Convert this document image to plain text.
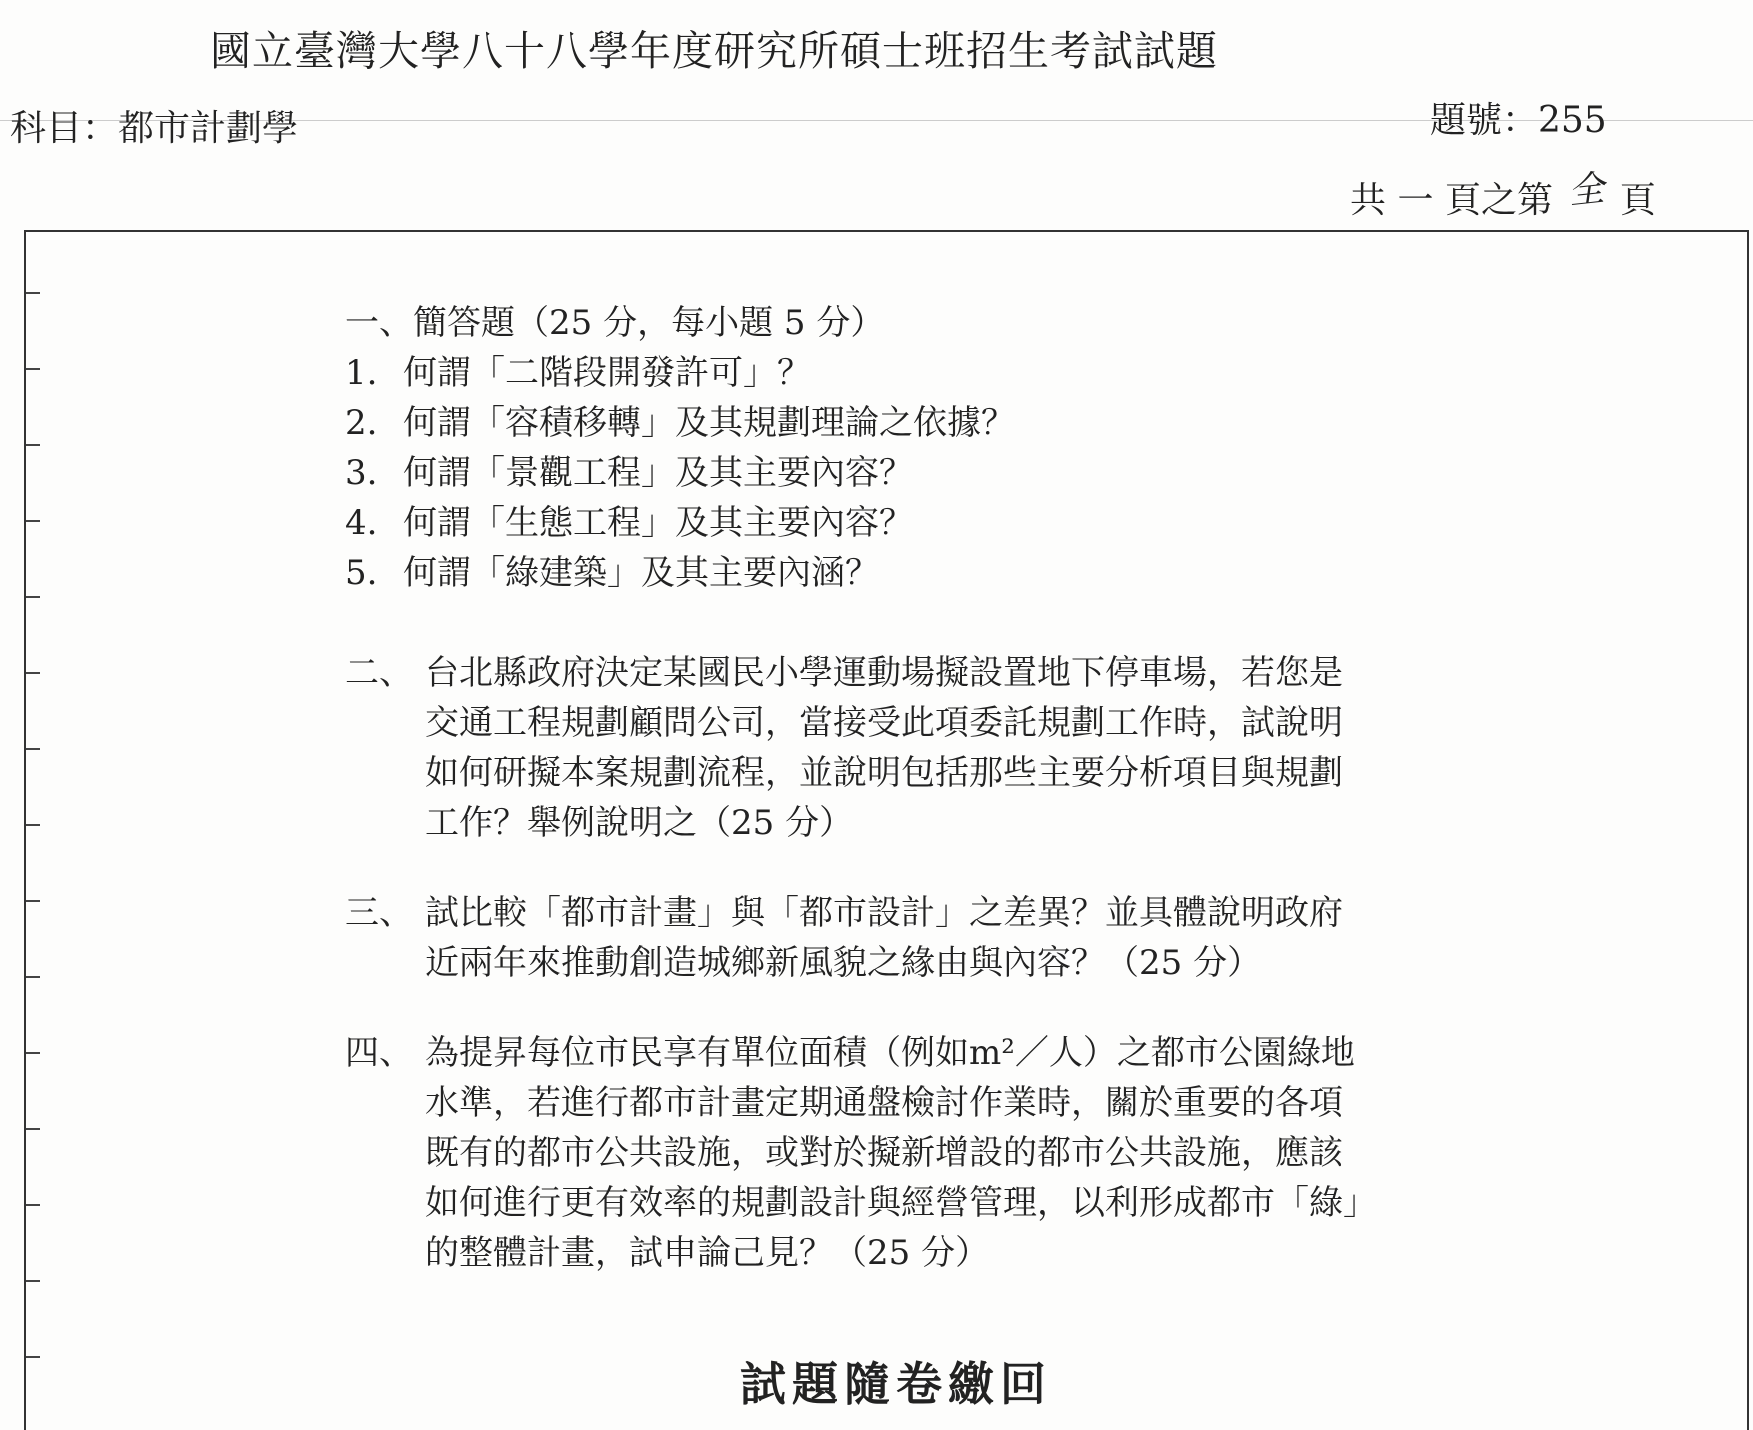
國立臺灣大學八十八學年度研究所碩士班招生考試試題
科目：都市計劃學	題號：255
共 一 頁之第 全 頁

一、簡答題（25 分，每小題 5 分）

1. 何謂「二階段開發許可」？

2. 何謂「容積移轉」及其規劃理論之依據？

3. 何謂「景觀工程」及其主要內容？

4. 何謂「生態工程」及其主要內容？

5. 何謂「綠建築」及其主要內涵？

二、 台北縣政府決定某國民小學運動場擬設置地下停車場，若您是
交通工程規劃顧問公司，當接受此項委託規劃工作時，試說明
如何研擬本案規劃流程，並說明包括那些主要分析項目與規劃
工作？舉例說明之（25 分）
三、 試比較「都市計畫」與「都市設計」之差異？並具體說明政府
近兩年來推動創造城鄉新風貌之緣由與內容？（25 分）
四、 為提昇每位市民享有單位面積（例如m²／人）之都市公園綠地
水準，若進行都市計畫定期通盤檢討作業時，關於重要的各項
既有的都市公共設施，或對於擬新增設的都市公共設施，應該
如何進行更有效率的規劃設計與經營管理，以利形成都市「綠」
的整體計畫，試申論己見？（25 分）
試題隨卷繳回
